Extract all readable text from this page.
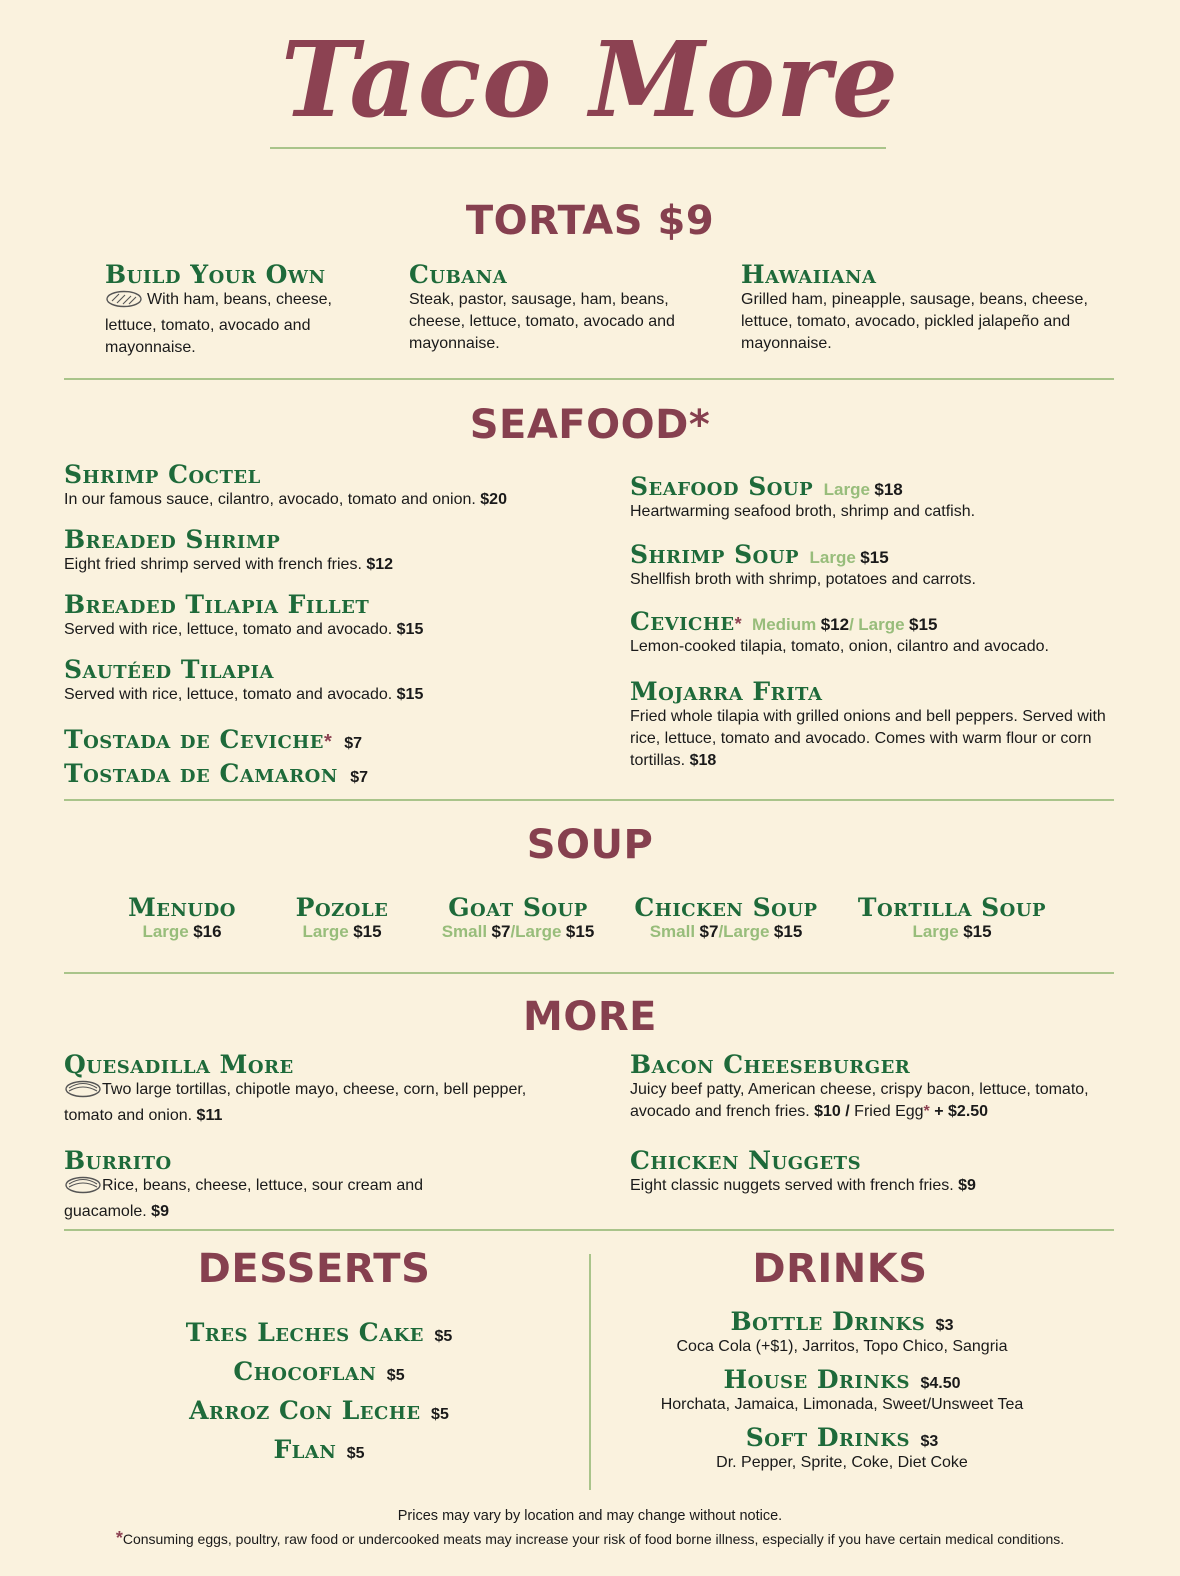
Taco More
TORTAS $9
Build Your Own
With ham, beans, cheese, lettuce, tomato, avocado and mayonnaise.
Cubana
Steak, pastor, sausage, ham, beans, cheese, lettuce, tomato, avocado and mayonnaise.
Hawaiiana
Grilled ham, pineapple, sausage, beans, cheese, lettuce, tomato, avocado, pickled jalapeño and mayonnaise.
SEAFOOD*
Shrimp Coctel
In our famous sauce, cilantro, avocado, tomato and onion. $20
Breaded Shrimp
Eight fried shrimp served with french fries. $12
Breaded Tilapia Fillet
Served with rice, lettuce, tomato and avocado. $15
Sautéed Tilapia
Served with rice, lettuce, tomato and avocado. $15
Tostada de Ceviche* $7
Tostada de Camaron $7
Seafood Soup Large $18
Heartwarming seafood broth, shrimp and catfish.
Shrimp Soup Large $15
Shellfish broth with shrimp, potatoes and carrots.
Ceviche* Medium $12/ Large $15
Lemon-cooked tilapia, tomato, onion, cilantro and avocado.
Mojarra Frita
Fried whole tilapia with grilled onions and bell peppers. Served with rice, lettuce, tomato and avocado. Comes with warm flour or corn tortillas. $18
SOUP
Menudo
Large $16
Pozole
Large $15
Goat Soup
Small $7/Large $15
Chicken Soup
Small $7/Large $15
Tortilla Soup
Large $15
MORE
Quesadilla More
Two large tortillas, chipotle mayo, cheese, corn, bell pepper, tomato and onion. $11
Burrito
Rice, beans, cheese, lettuce, sour cream and guacamole. $9
Bacon Cheeseburger
Juicy beef patty, American cheese, crispy bacon, lettuce, tomato, avocado and french fries. $10 / Fried Egg* + $2.50
Chicken Nuggets
Eight classic nuggets served with french fries. $9
DESSERTS
Tres Leches Cake $5
Chocoflan $5
Arroz Con Leche $5
Flan $5
DRINKS
Bottle Drinks $3
Coca Cola (+$1), Jarritos, Topo Chico, Sangria
House Drinks $4.50
Horchata, Jamaica, Limonada, Sweet/Unsweet Tea
Soft Drinks $3
Dr. Pepper, Sprite, Coke, Diet Coke
Prices may vary by location and may change without notice.
*Consuming eggs, poultry, raw food or undercooked meats may increase your risk of food borne illness, especially if you have certain medical conditions.
